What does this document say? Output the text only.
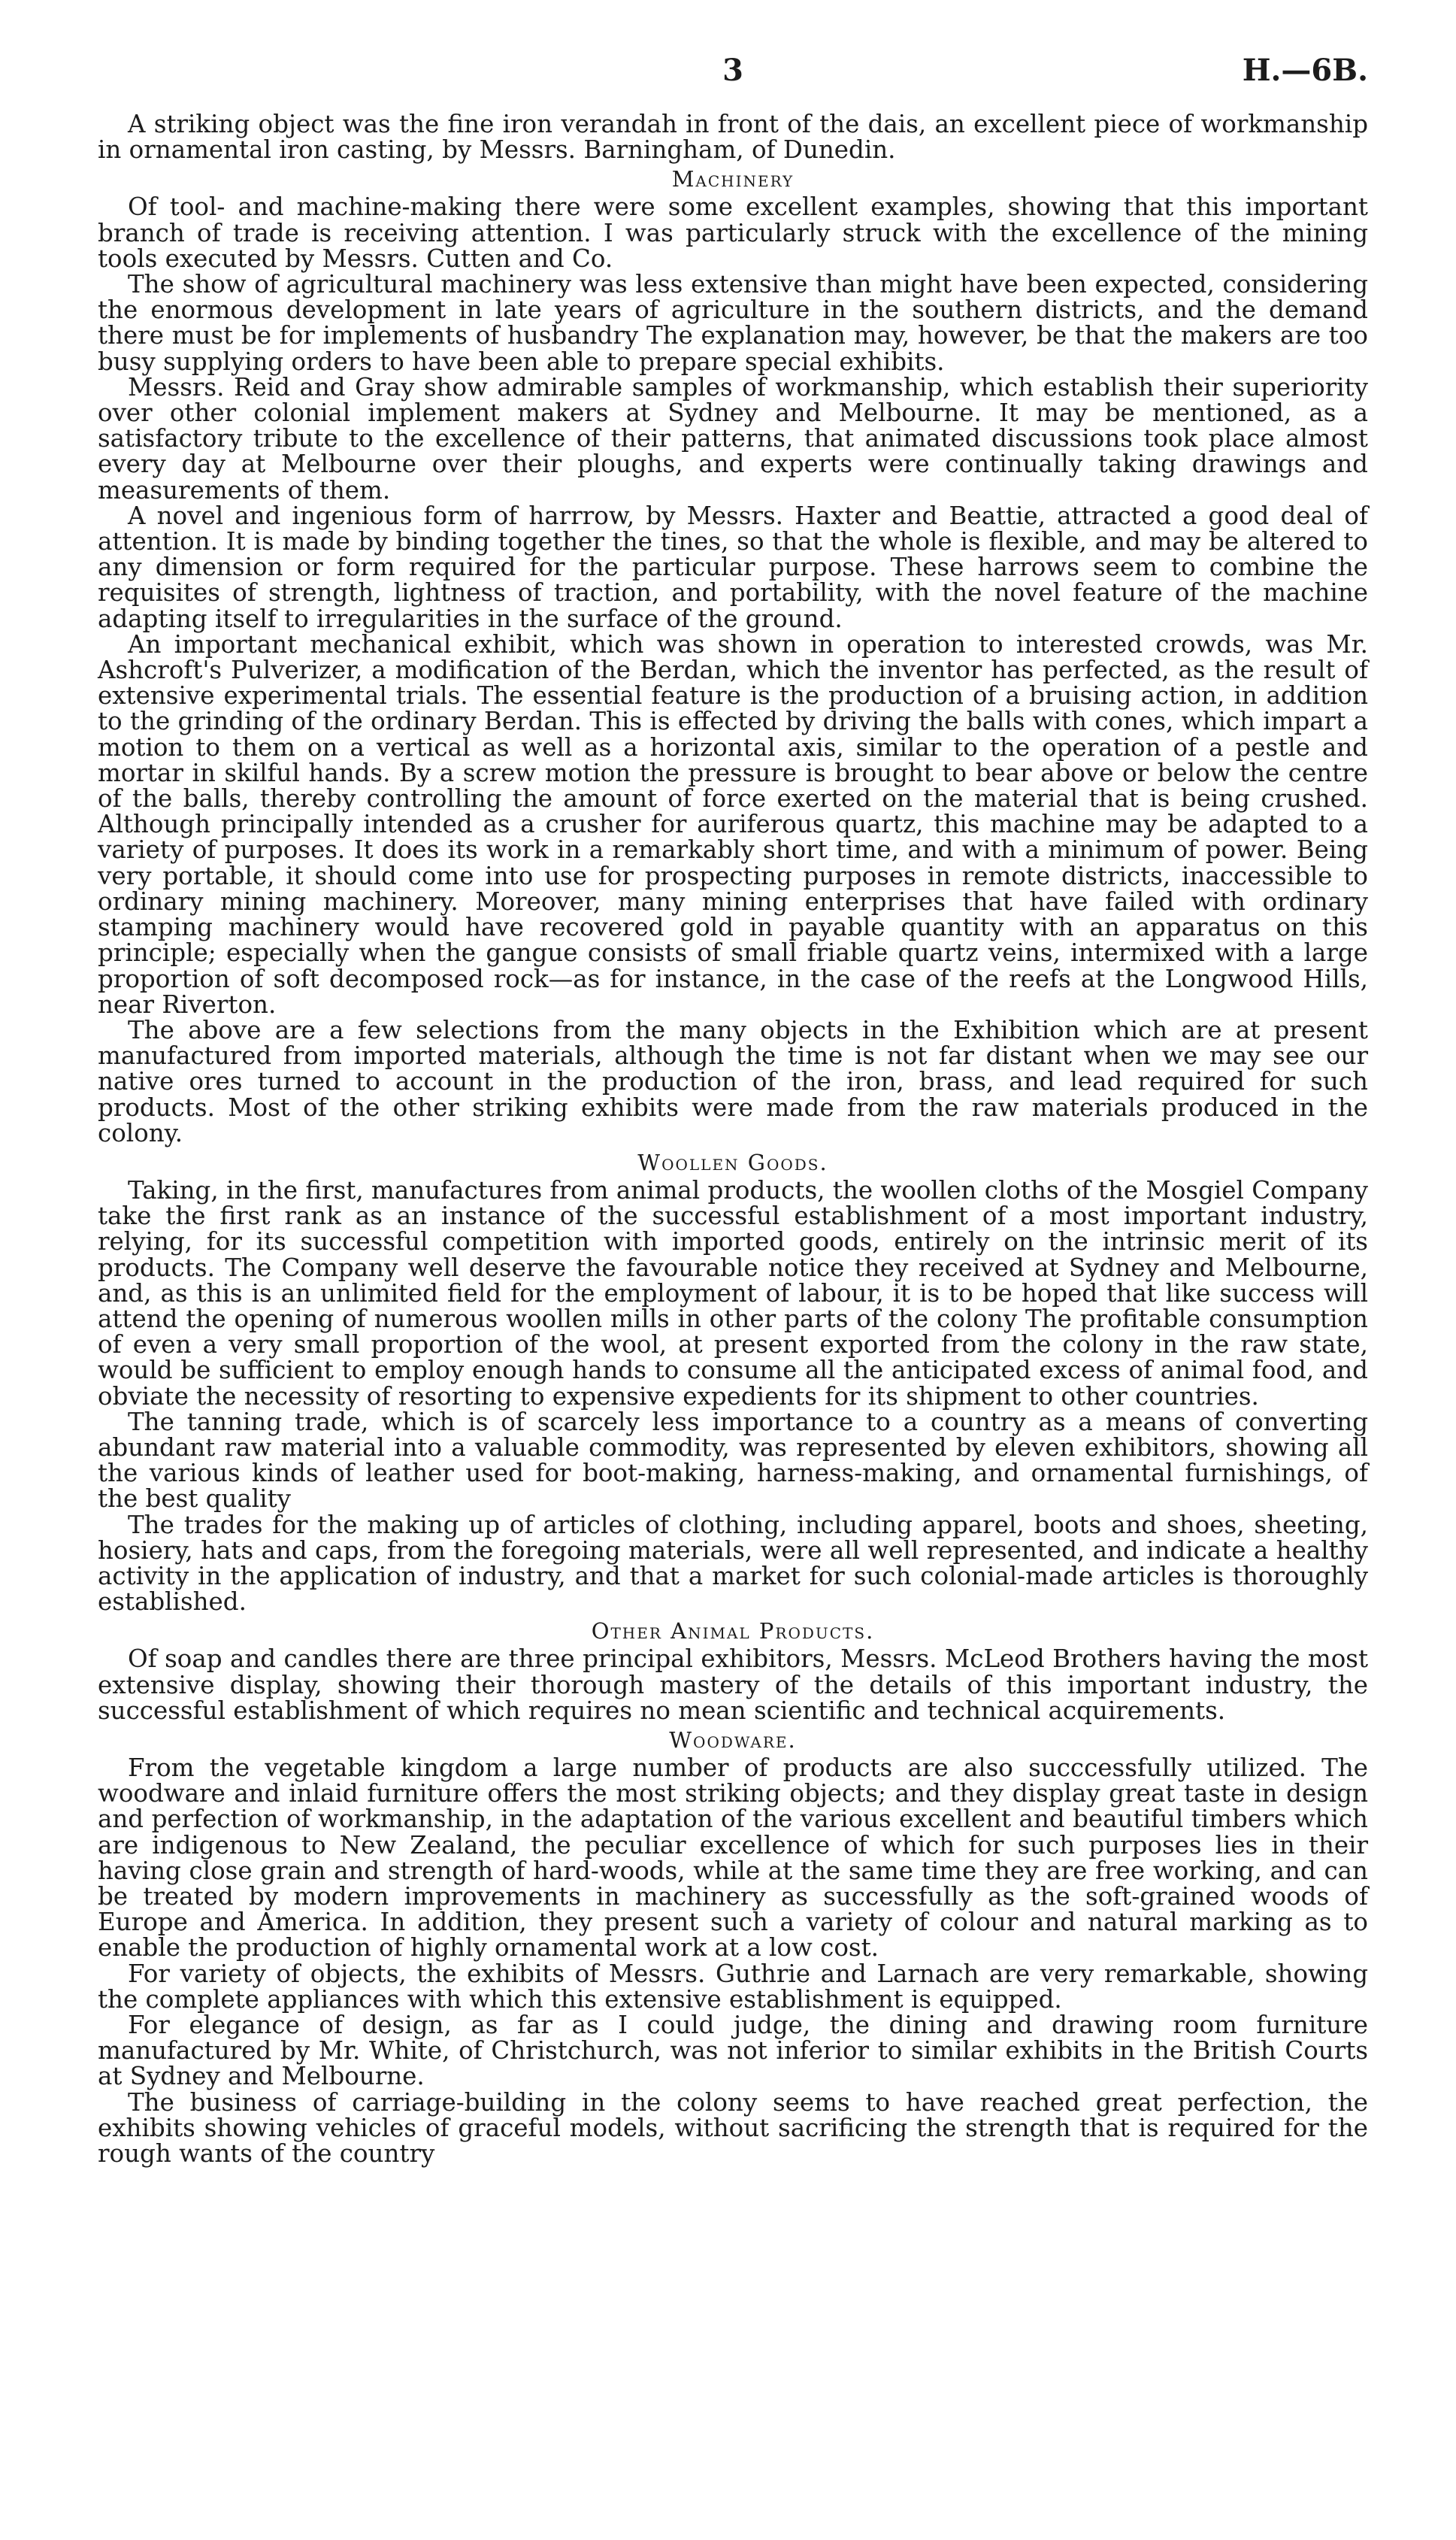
3	H.—6B.

A striking object was the fine iron verandah in front of the dais, an excellent piece of workmanship in ornamental iron casting, by Messrs. Barningham, of Dunedin.

Machinery

Of tool- and machine-making there were some excellent examples, showing that this important branch of trade is receiving attention. I was particularly struck with the excellence of the mining tools executed by Messrs. Cutten and Co.

The show of agricultural machinery was less extensive than might have been expected, considering the enormous development in late years of agriculture in the southern districts, and the demand there must be for implements of husbandry The explanation may, however, be that the makers are too busy supplying orders to have been able to prepare special exhibits.

Messrs. Reid and Gray show admirable samples of workmanship, which establish their superiority over other colonial implement makers at Sydney and Melbourne. It may be mentioned, as a satisfactory tribute to the excellence of their patterns, that animated discussions took place almost every day at Melbourne over their ploughs, and experts were continually taking drawings and measurements of them.

A novel and ingenious form of harrrow, by Messrs. Haxter and Beattie, attracted a good deal of attention. It is made by binding together the tines, so that the whole is flexible, and may be altered to any dimension or form required for the particular purpose. These harrows seem to combine the requisites of strength, lightness of traction, and portability, with the novel feature of the machine adapting itself to irregularities in the surface of the ground.

An important mechanical exhibit, which was shown in operation to interested crowds, was Mr. Ashcroft's Pulverizer, a modification of the Berdan, which the inventor has perfected, as the result of extensive experimental trials. The essential feature is the production of a bruising action, in addition to the grinding of the ordinary Berdan. This is effected by driving the balls with cones, which impart a motion to them on a vertical as well as a horizontal axis, similar to the operation of a pestle and mortar in skilful hands. By a screw motion the pressure is brought to bear above or below the centre of the balls, thereby controlling the amount of force exerted on the material that is being crushed. Although principally intended as a crusher for auriferous quartz, this machine may be adapted to a variety of purposes. It does its work in a remarkably short time, and with a minimum of power. Being very portable, it should come into use for prospecting purposes in remote districts, inaccessible to ordinary mining machinery. Moreover, many mining enterprises that have failed with ordinary stamping machinery would have recovered gold in payable quantity with an apparatus on this principle; especially when the gangue consists of small friable quartz veins, intermixed with a large proportion of soft decomposed rock—as for instance, in the case of the reefs at the Longwood Hills, near Riverton.

The above are a few selections from the many objects in the Exhibition which are at present manufactured from imported materials, although the time is not far distant when we may see our native ores turned to account in the production of the iron, brass, and lead required for such products. Most of the other striking exhibits were made from the raw materials produced in the colony.

Woollen Goods.

Taking, in the first, manufactures from animal products, the woollen cloths of the Mosgiel Company take the first rank as an instance of the successful establishment of a most important industry, relying, for its successful competition with imported goods, entirely on the intrinsic merit of its products. The Company well deserve the favourable notice they received at Sydney and Melbourne, and, as this is an unlimited field for the employment of labour, it is to be hoped that like success will attend the opening of numerous woollen mills in other parts of the colony The profitable consumption of even a very small proportion of the wool, at present exported from the colony in the raw state, would be sufficient to employ enough hands to consume all the anticipated excess of animal food, and obviate the necessity of resorting to expensive expedients for its shipment to other countries.

The tanning trade, which is of scarcely less importance to a country as a means of converting abundant raw material into a valuable commodity, was represented by eleven exhibitors, showing all the various kinds of leather used for boot-making, harness-making, and ornamental furnishings, of the best quality

The trades for the making up of articles of clothing, including apparel, boots and shoes, sheeting, hosiery, hats and caps, from the foregoing materials, were all well represented, and indicate a healthy activity in the application of industry, and that a market for such colonial-made articles is thoroughly established.

Other Animal Products.

Of soap and candles there are three principal exhibitors, Messrs. McLeod Brothers having the most extensive display, showing their thorough mastery of the details of this important industry, the successful establishment of which requires no mean scientific and technical acquirements.

Woodware.

From the vegetable kingdom a large number of products are also succcessfully utilized. The woodware and inlaid furniture offers the most striking objects; and they display great taste in design and perfection of workmanship, in the adaptation of the various excellent and beautiful timbers which are indigenous to New Zealand, the peculiar excellence of which for such purposes lies in their having close grain and strength of hard-woods, while at the same time they are free working, and can be treated by modern improvements in machinery as successfully as the soft-grained woods of Europe and America. In addition, they present such a variety of colour and natural marking as to enable the production of highly ornamental work at a low cost.

For variety of objects, the exhibits of Messrs. Guthrie and Larnach are very remarkable, showing the complete appliances with which this extensive establishment is equipped.

For elegance of design, as far as I could judge, the dining and drawing room furniture manufactured by Mr. White, of Christchurch, was not inferior to similar exhibits in the British Courts at Sydney and Melbourne.

The business of carriage-building in the colony seems to have reached great perfection, the exhibits showing vehicles of graceful models, without sacrificing the strength that is required for the rough wants of the country
